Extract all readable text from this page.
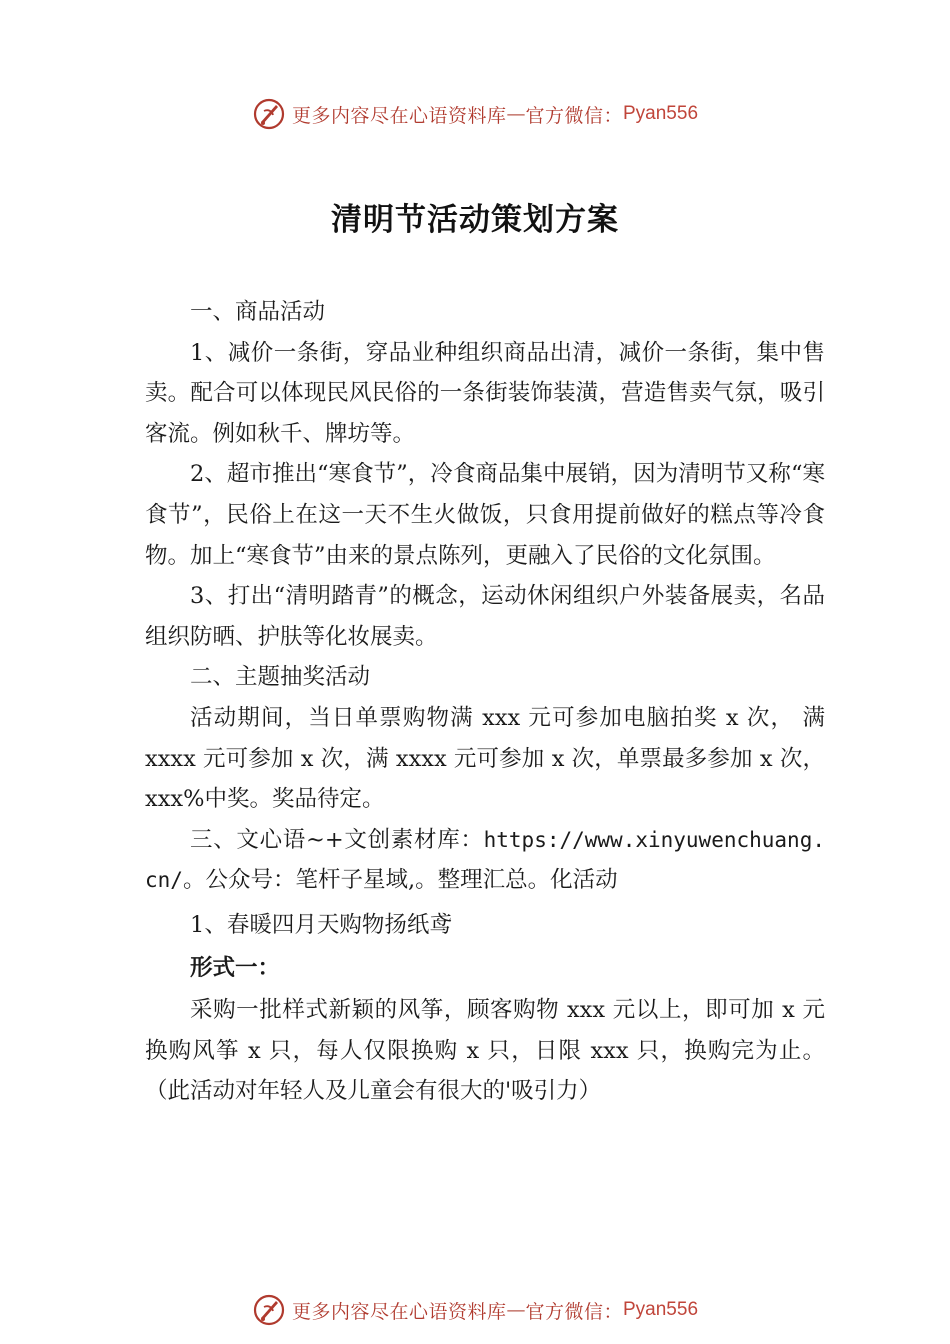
更多内容尽在心语资料库 — 官方微信： Pyan556
清明节活动策划方案

一、商品活动

1、减价一条街，穿品业种组织商品出清，减价一条街，集中售卖。配合可以体现民风民俗的一条街装饰装潢，营造售卖气氛，吸引客流。例如秋千、牌坊等。

2、超市推出“寒食节”，冷食商品集中展销，因为清明节又称“寒食节”，民俗上在这一天不生火做饭，只食用提前做好的糕点等冷食物。加上“寒食节”由来的景点陈列，更融入了民俗的文化氛围。

3、打出“清明踏青”的概念，运动休闲组织户外装备展卖，名品组织防晒、护肤等化妆展卖。

二、主题抽奖活动

活动期间，当日单票购物满 xxx 元可参加电脑拍奖 x 次， 满 xxxx 元可参加 x 次，满 xxxx 元可参加 x 次，单票最多参加 x 次，xxx%中奖。奖品待定。

三、文心语~+文创素材库：https://www.xinyuwenchuang.cn/。公众号：笔杆子星域,。整理汇总。化活动

1、春暖四月天购物扬纸鸢

形式一：

采购一批样式新颖的风筝，顾客购物 xxx 元以上，即可加 x 元换购风筝 x 只，每人仅限换购 x 只，日限 xxx 只，换购完为止。（此活动对年轻人及儿童会有很大的'吸引力）

更多内容尽在心语资料库 — 官方微信： Pyan556
